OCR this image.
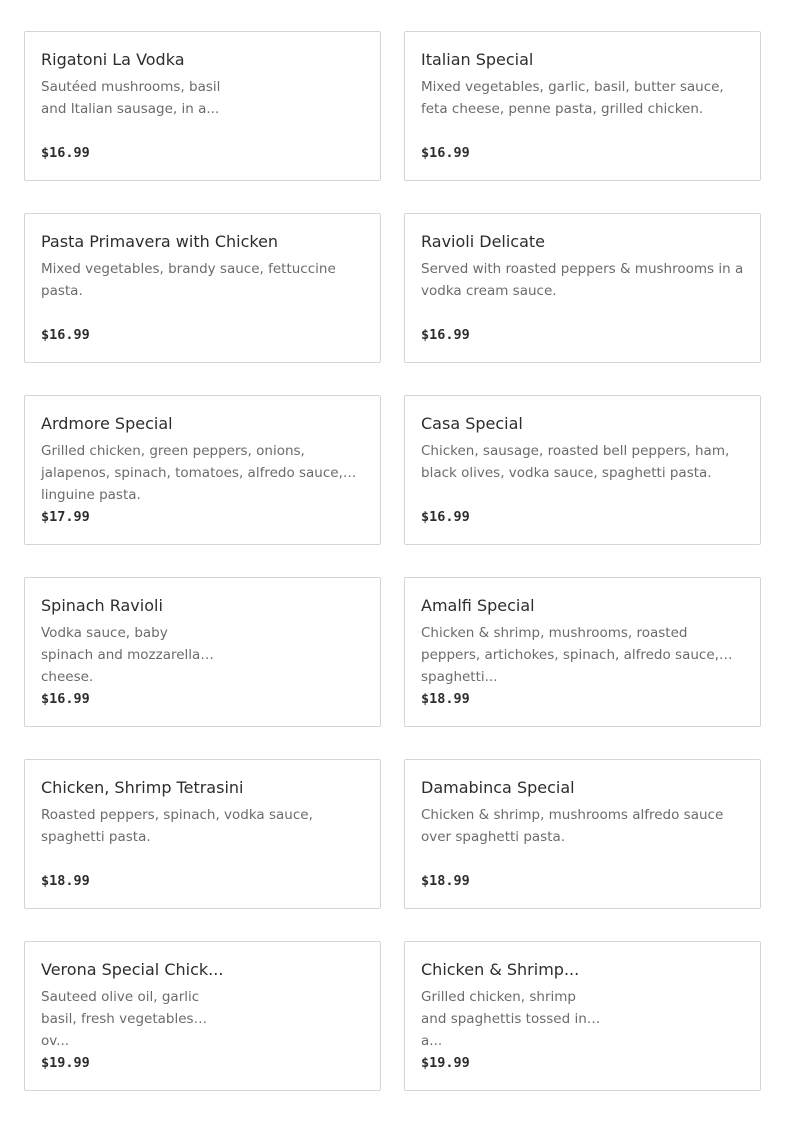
Rigatoni La Vodka
Sautéed mushrooms, basil and Italian sausage, in a...
$16.99
Italian Special
Mixed vegetables, garlic, basil, butter sauce, feta cheese, penne pasta, grilled chicken.
$16.99
Pasta Primavera with Chicken
Mixed vegetables, brandy sauce, fettuccine pasta.
$16.99
Ravioli Delicate
Served with roasted peppers & mushrooms in a vodka cream sauce.
$16.99
Ardmore Special
Grilled chicken, green peppers, onions, jalapenos, spinach, tomatoes, alfredo sauce, linguine pasta.
$17.99
Casa Special
Chicken, sausage, roasted bell peppers, ham, black olives, vodka sauce, spaghetti pasta.
$16.99
Spinach Ravioli
Vodka sauce, baby spinach and mozzarella cheese.
$16.99
Amalfi Special
Chicken & shrimp, mushrooms, roasted peppers, artichokes, spinach, alfredo sauce, spaghetti...
$18.99
Chicken, Shrimp Tetrasini
Roasted peppers, spinach, vodka sauce, spaghetti pasta.
$18.99
Damabinca Special
Chicken & shrimp, mushrooms alfredo sauce over spaghetti pasta.
$18.99
Verona Special Chick...
Sauteed olive oil, garlic basil, fresh vegetables ov...
$19.99
Chicken & Shrimp...
Grilled chicken, shrimp and spaghettis tossed in a...
$19.99
